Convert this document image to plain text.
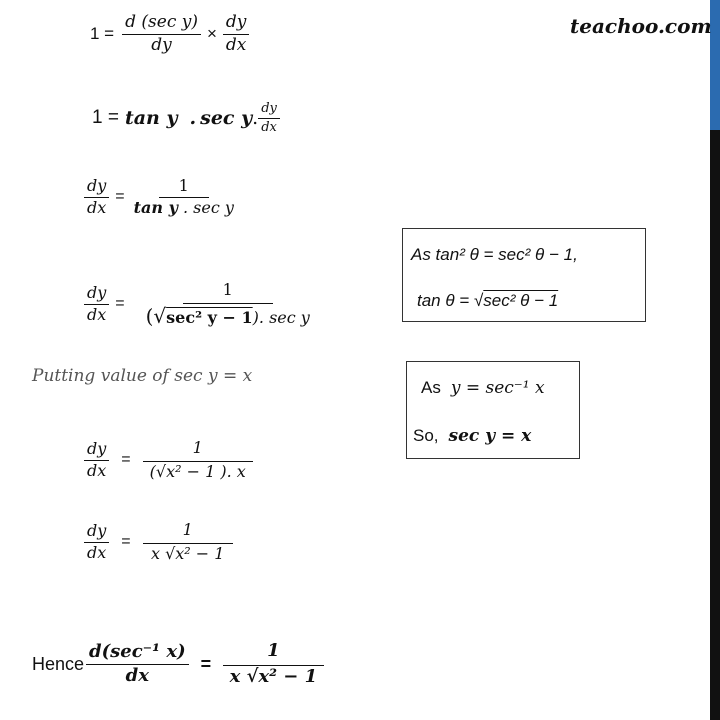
teachoo.com
$1 = \frac{\text{d (sec y)}}{dy} \times \frac{dy}{dx}$
1 = tan y . sec y . $\frac{dy}{dx}$
$\frac{dy}{dx} = \frac{1}{\text{tan y . sec y}}$
$\frac{dy}{dx} = \frac{1}{\text{(√sec² y − 1). sec y}}$
Putting value of sec y = x
$\frac{dy}{dx} = \frac{1}{\text{(√x² − 1 ). x}}$
$\frac{dy}{dx} = \frac{1}{\text{x √x² − 1}}$
Hence $\frac{\text{d(sec⁻¹ x)}}{dx} = \frac{1}{\text{x √x² − 1}}$
As tan² θ = sec² θ − 1,
tan θ = √sec² θ − 1
As y = sec⁻¹ x
So, sec y = x
